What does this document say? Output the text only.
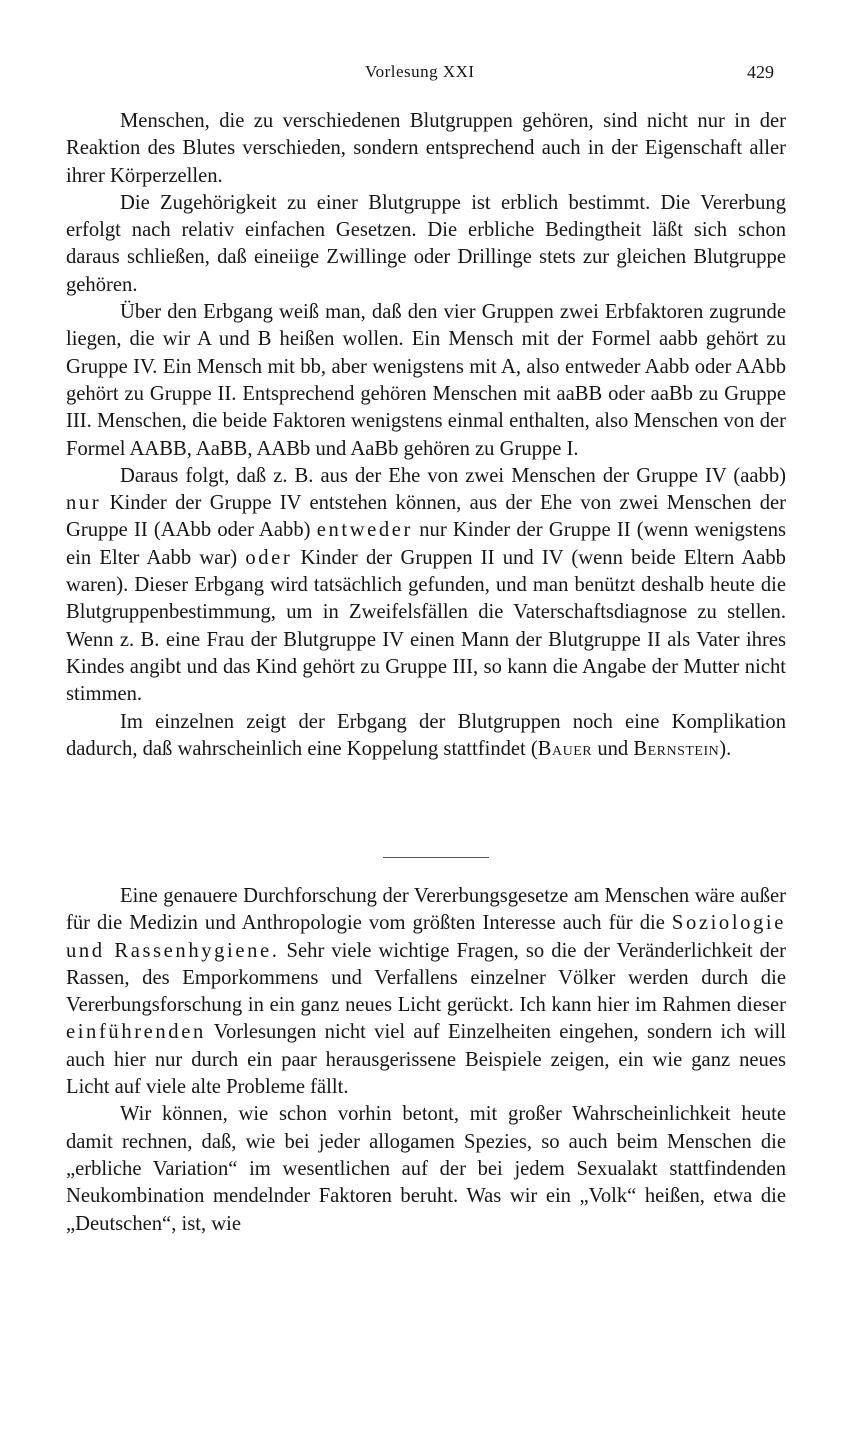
Vorlesung XXI	429

Menschen, die zu verschiedenen Blutgruppen gehören, sind nicht nur in der Reaktion des Blutes verschieden, sondern entsprechend auch in der Eigenschaft aller ihrer Körperzellen.

Die Zugehörigkeit zu einer Blutgruppe ist erblich bestimmt. Die Vererbung erfolgt nach relativ einfachen Gesetzen. Die erbliche Bedingtheit läßt sich schon daraus schließen, daß eineiige Zwillinge oder Drillinge stets zur gleichen Blutgruppe gehören.

Über den Erbgang weiß man, daß den vier Gruppen zwei Erbfaktoren zugrunde liegen, die wir A und B heißen wollen. Ein Mensch mit der Formel aabb gehört zu Gruppe IV. Ein Mensch mit bb, aber wenigstens mit A, also entweder Aabb oder AAbb gehört zu Gruppe II. Entsprechend gehören Menschen mit aaBB oder aaBb zu Gruppe III. Menschen, die beide Faktoren wenigstens einmal enthalten, also Menschen von der Formel AABB, AaBB, AABb und AaBb gehören zu Gruppe I.

Daraus folgt, daß z. B. aus der Ehe von zwei Menschen der Gruppe IV (aabb) nur Kinder der Gruppe IV entstehen können, aus der Ehe von zwei Menschen der Gruppe II (AAbb oder Aabb) entweder nur Kinder der Gruppe II (wenn wenigstens ein Elter Aabb war) oder Kinder der Gruppen II und IV (wenn beide Eltern Aabb waren). Dieser Erbgang wird tatsächlich gefunden, und man benützt deshalb heute die Blutgruppenbestimmung, um in Zweifelsfällen die Vaterschaftsdiagnose zu stellen. Wenn z. B. eine Frau der Blutgruppe IV einen Mann der Blutgruppe II als Vater ihres Kindes angibt und das Kind gehört zu Gruppe III, so kann die Angabe der Mutter nicht stimmen.

Im einzelnen zeigt der Erbgang der Blutgruppen noch eine Komplikation dadurch, daß wahrscheinlich eine Koppelung stattfindet (Bauer und Bernstein).

Eine genauere Durchforschung der Vererbungsgesetze am Menschen wäre außer für die Medizin und Anthropologie vom größten Interesse auch für die Soziologie und Rassenhygiene. Sehr viele wichtige Fragen, so die der Veränderlichkeit der Rassen, des Emporkommens und Verfallens einzelner Völker werden durch die Vererbungsforschung in ein ganz neues Licht gerückt. Ich kann hier im Rahmen dieser einführenden Vorlesungen nicht viel auf Einzelheiten eingehen, sondern ich will auch hier nur durch ein paar herausgerissene Beispiele zeigen, ein wie ganz neues Licht auf viele alte Probleme fällt.

Wir können, wie schon vorhin betont, mit großer Wahrscheinlichkeit heute damit rechnen, daß, wie bei jeder allogamen Spezies, so auch beim Menschen die „erbliche Variation“ im wesentlichen auf der bei jedem Sexualakt stattfindenden Neukombination mendelnder Faktoren beruht. Was wir ein „Volk“ heißen, etwa die „Deutschen“, ist, wie
